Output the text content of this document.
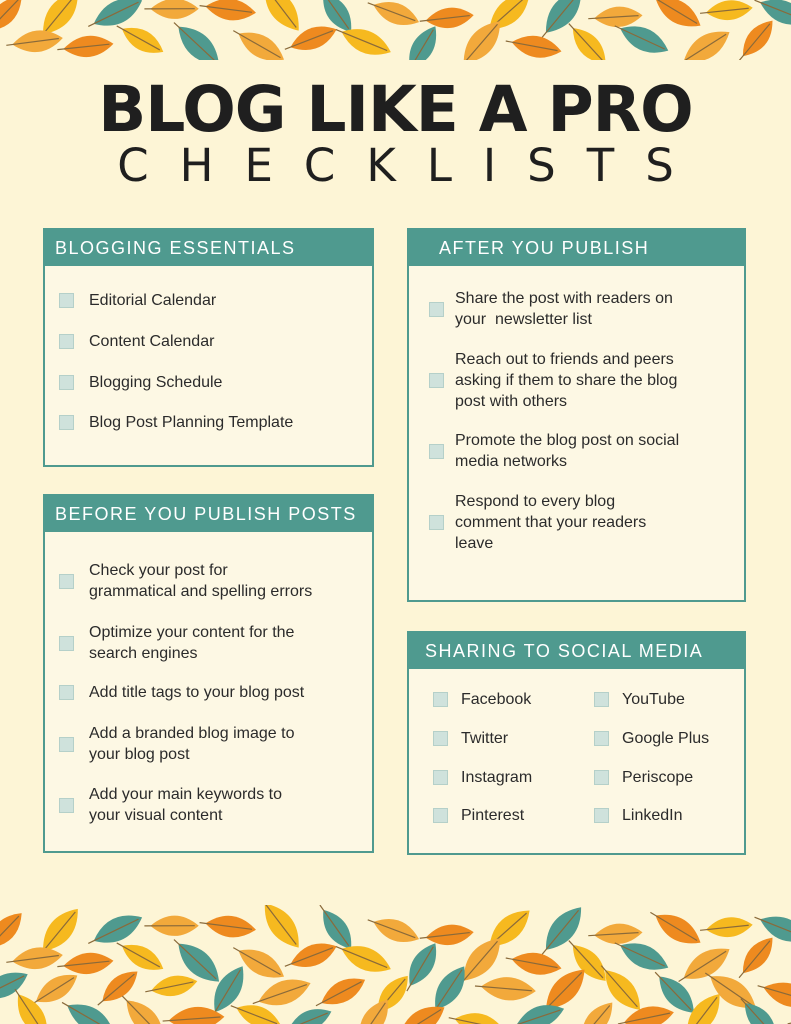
BLOG LIKE A PRO
CHECKLISTS
BLOGGING ESSENTIALS
Editorial Calendar
Content Calendar
Blogging Schedule
Blog Post Planning Template
BEFORE YOU PUBLISH POSTS
Check your post for
grammatical and spelling errors
Optimize your content for the
search engines
Add title tags to your blog post
Add a branded blog image to
your blog post
Add your main keywords to
your visual content
AFTER YOU PUBLISH
Share the post with readers on
your  newsletter list
Reach out to friends and peers
asking if them to share the blog
post with others
Promote the blog post on social
media networks
Respond to every blog
comment that your readers
leave
SHARING TO SOCIAL MEDIA
Facebook
Twitter
Instagram
Pinterest
YouTube
Google Plus
Periscope
LinkedIn
